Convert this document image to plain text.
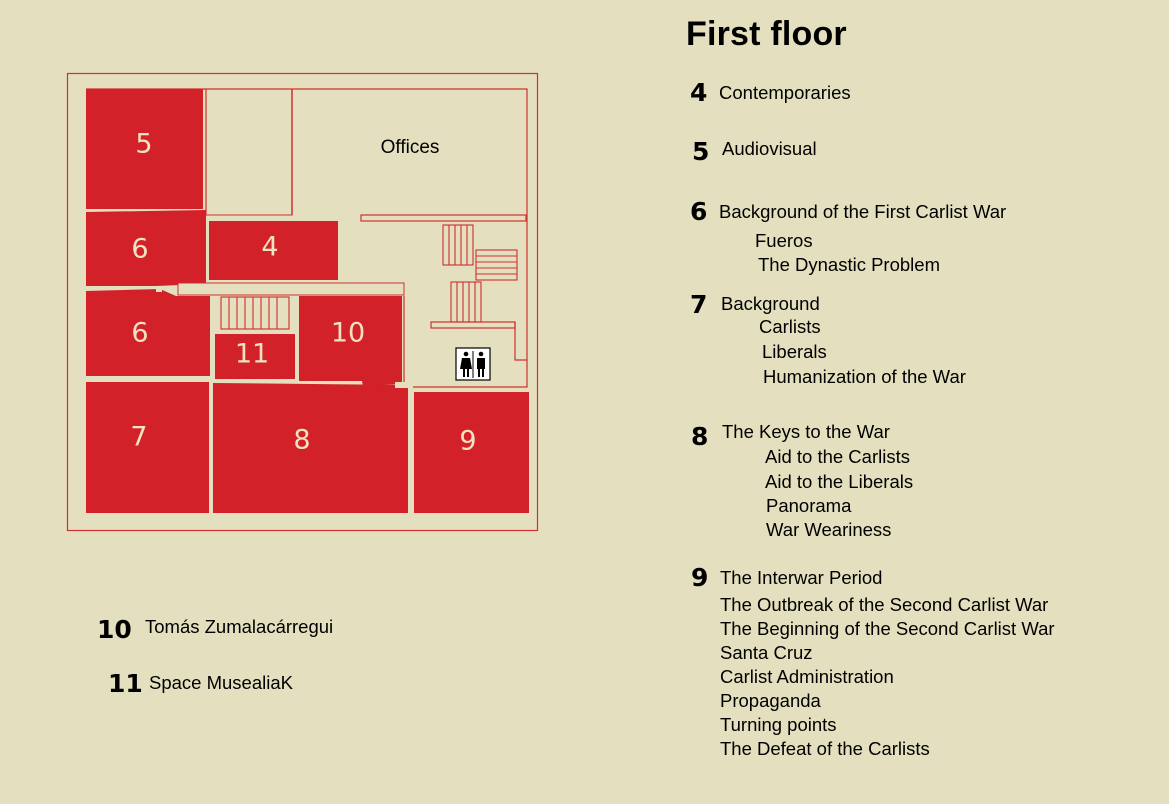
Offices
5
6	4
6	10
11
7	8	9
10 Tomás Zumalacárregui
11 Space MusealiaK
First floor
4 Contemporaries
5 Audiovisual
6 Background of the First Carlist War
Fueros
The Dynastic Problem
7 Background
Carlists
Liberals
Humanization of the War
8 The Keys to the War
Aid to the Carlists
Aid to the Liberals
Panorama
War Weariness
9 The Interwar Period
The Outbreak of the Second Carlist War
The Beginning of the Second Carlist War
Santa Cruz
Carlist Administration
Propaganda
Turning points
The Defeat of the Carlists
